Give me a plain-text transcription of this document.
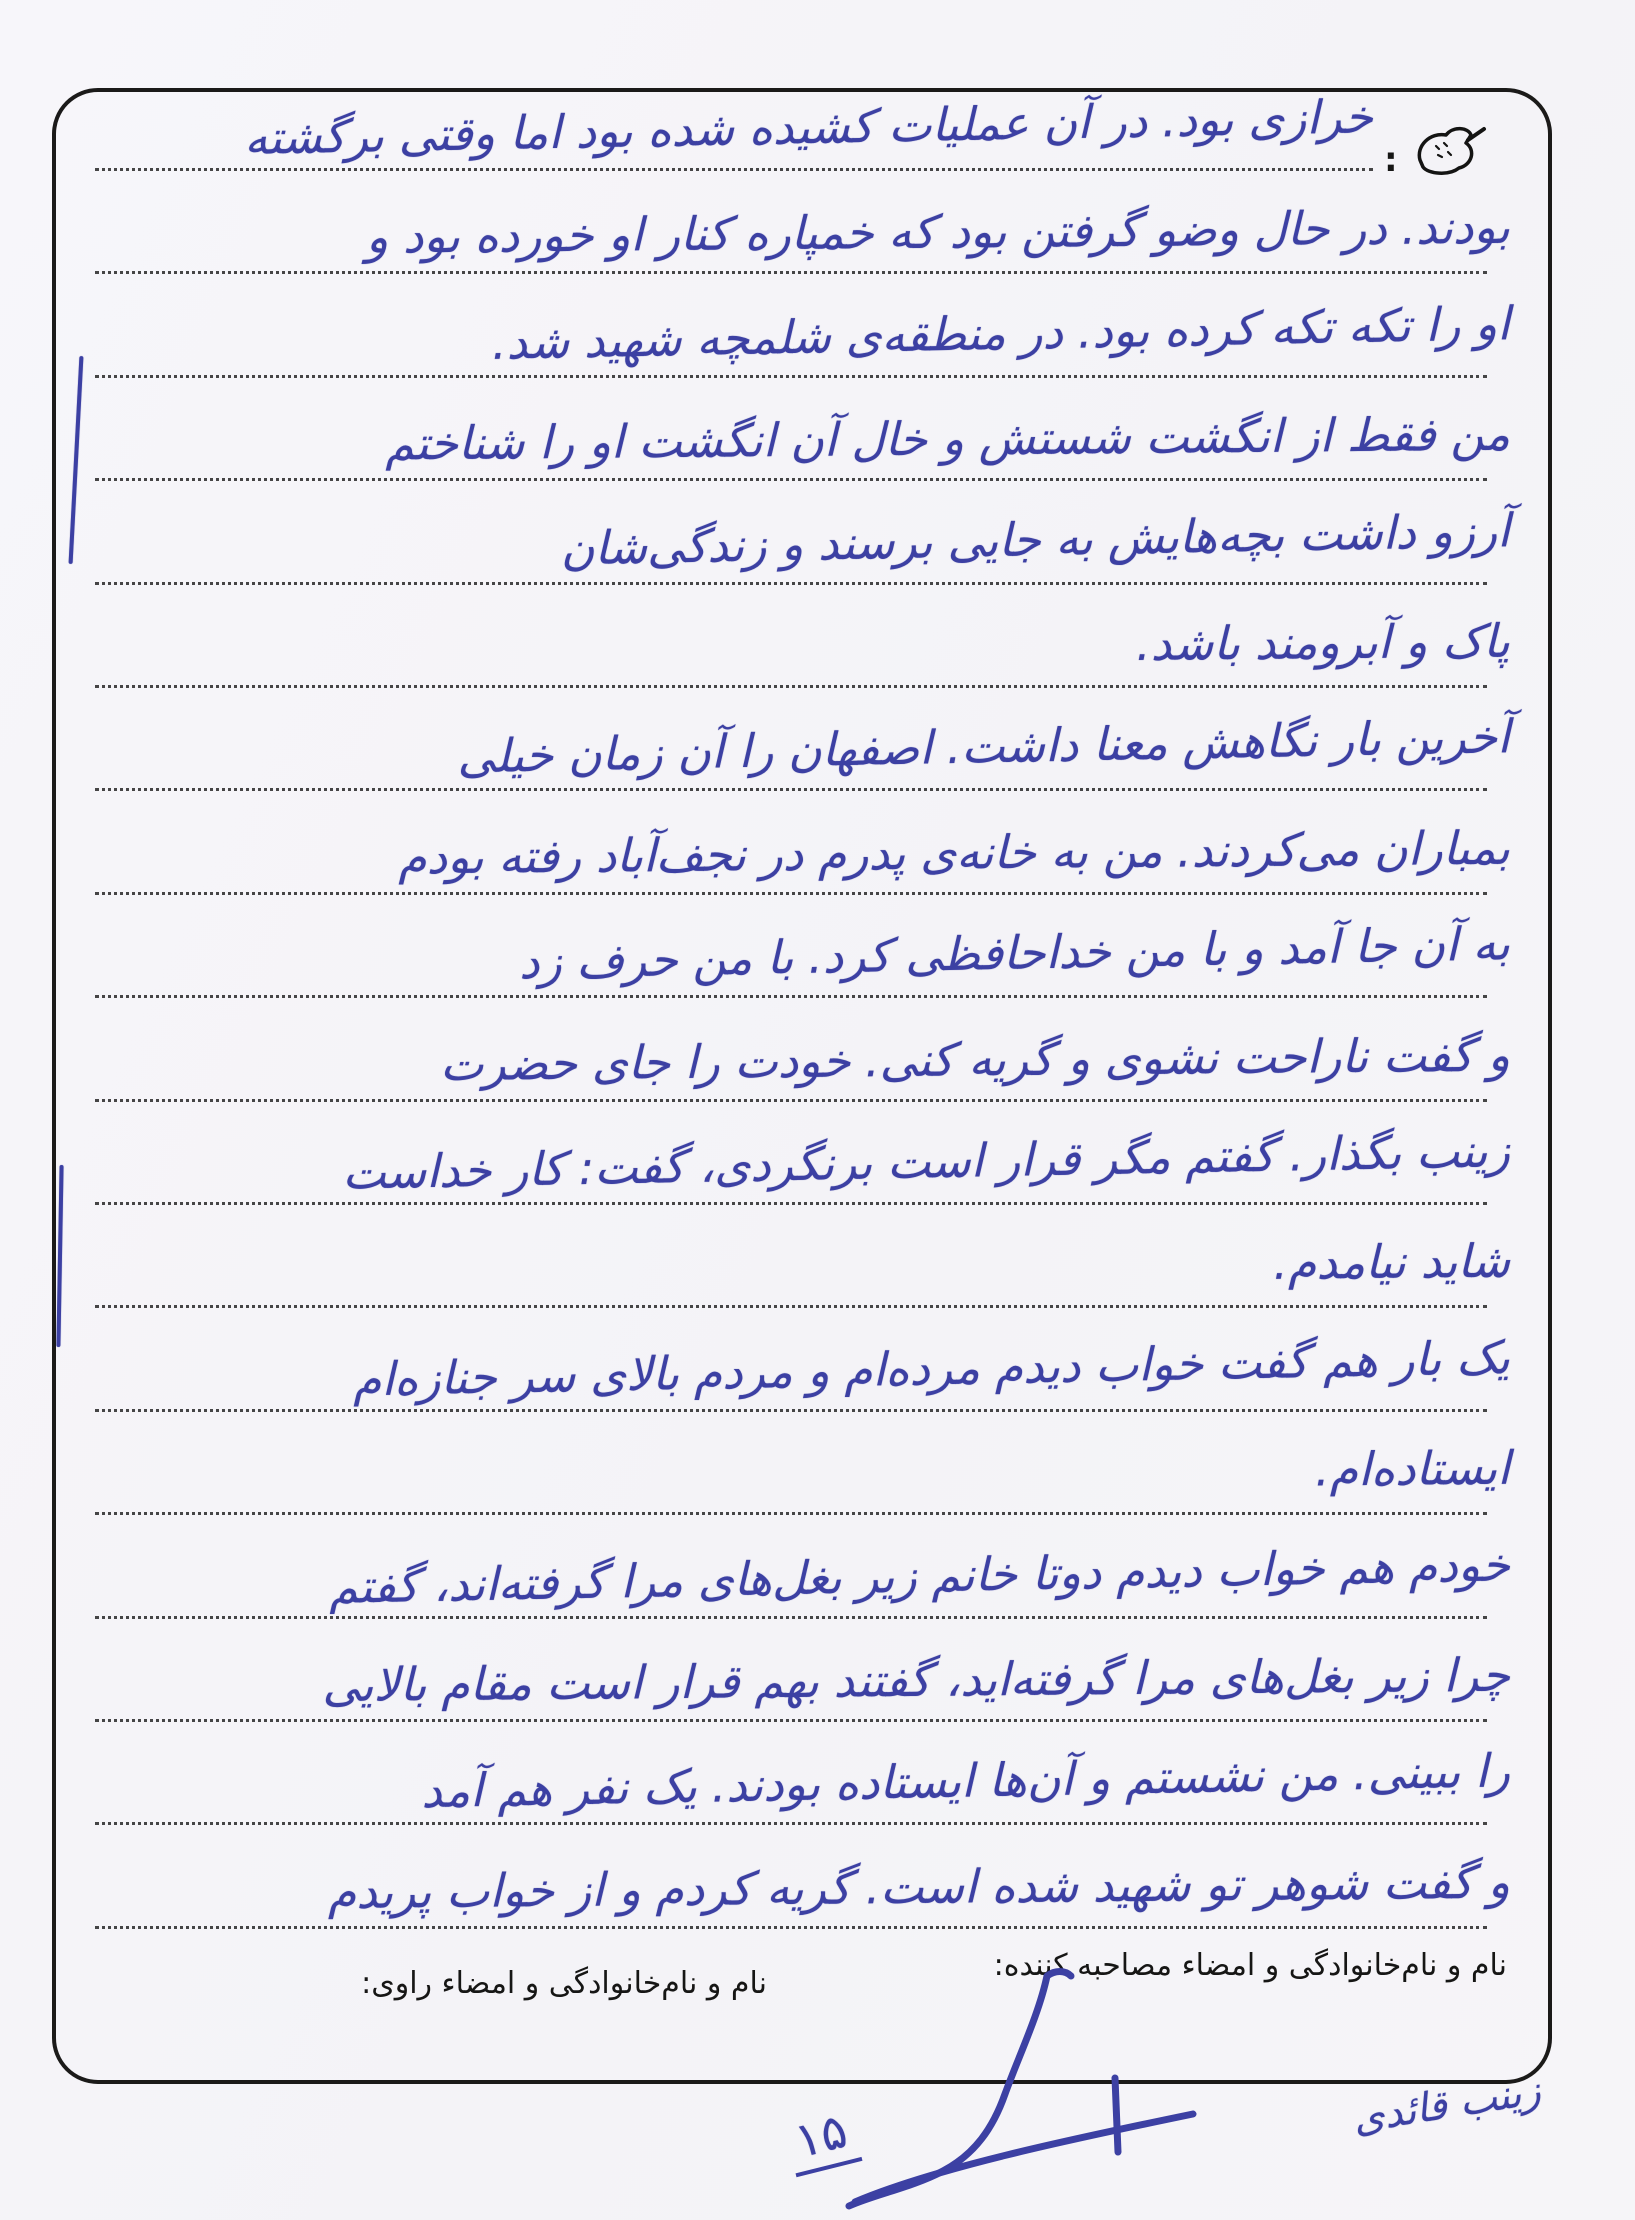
:
خرازی بود. در آن عملیات کشیده شده بود اما وقتی برگشته
بودند. در حال وضو گرفتن بود که خمپاره کنار او خورده بود و
او را تکه تکه کرده بود. در منطقه‌ی شلمچه شهید شد.
من فقط از انگشت شستش و خال آن انگشت او را شناختم
آرزو داشت بچه‌هایش به جایی برسند و زندگی‌شان
پاک و آبرومند باشد.
آخرین بار نگاهش معنا داشت. اصفهان را آن زمان خیلی
بمباران می‌کردند. من به خانه‌ی پدرم در نجف‌آباد رفته بودم
به آن جا آمد و با من خداحافظی کرد. با من حرف زد
و گفت ناراحت نشوی و گریه کنی. خودت را جای حضرت
زینب بگذار. گفتم مگر قرار است برنگردی، گفت: کار خداست
شاید نیامدم.
یک بار هم گفت خواب دیدم مرده‌ام و مردم بالای سر جنازه‌ام
ایستاده‌ام.
خودم هم خواب دیدم دوتا خانم زیر بغل‌های مرا گرفته‌اند، گفتم
چرا زیر بغل‌های مرا گرفته‌اید، گفتند بهم قرار است مقام بالایی
را ببینی. من نشستم و آن‌ها ایستاده بودند. یک نفر هم آمد
و گفت شوهر تو شهید شده است. گریه کردم و از خواب پریدم
نام و نام‌خانوادگی و امضاء مصاحبه کننده:
نام و نام‌خانوادگی و امضاء راوی:
۱۵	زینب قائدی
